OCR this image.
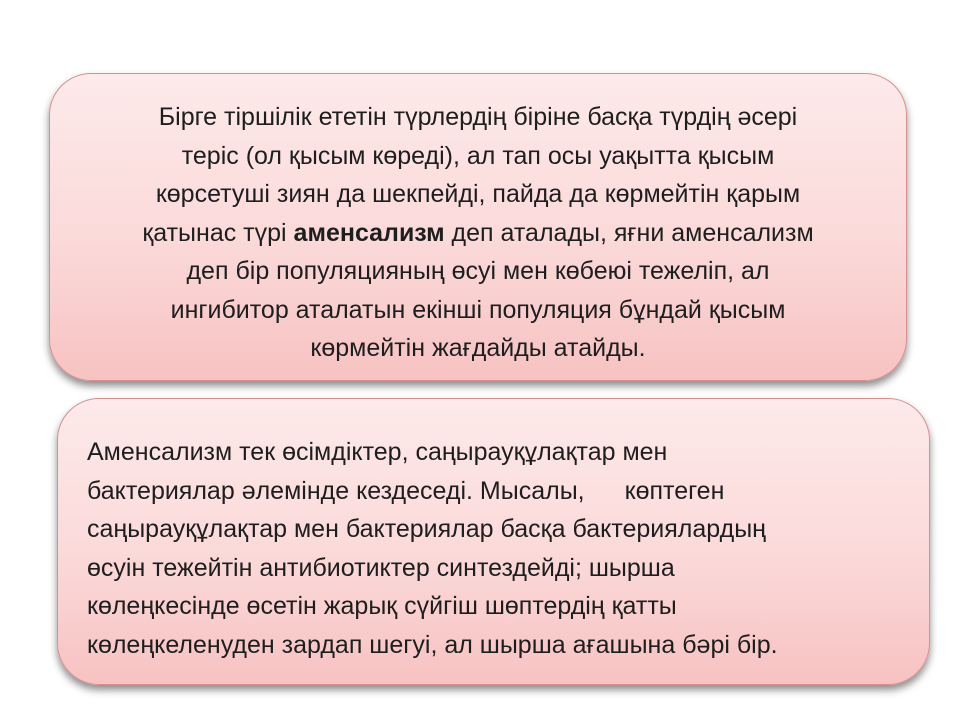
Бірге тіршілік ететін түрлердің біріне басқа түрдің әсері
теріс (ол қысым көреді), ал тап осы уақытта қысым
көрсетуші зиян да шекпейді, пайда да көрмейтін қарым
қатынас түрі аменсализм деп аталады, яғни аменсализм
деп бір популяцияның өсуі мен көбеюі тежеліп, ал
ингибитор аталатын екінші популяция бұндай қысым
көрмейтін жағдайды атайды.
Аменсализм тек өсімдіктер, саңырауқұлақтар мен
бактериялар әлемінде кездеседі. Мысалы, көптеген
саңырауқұлақтар мен бактериялар басқа бактериялардың
өсуін тежейтін антибиотиктер синтездейді; шырша
көлеңкесінде өсетін жарық сүйгіш шөптердің қатты
көлеңкеленуден зардап шегуі, ал шырша ағашына бәрі бір.
